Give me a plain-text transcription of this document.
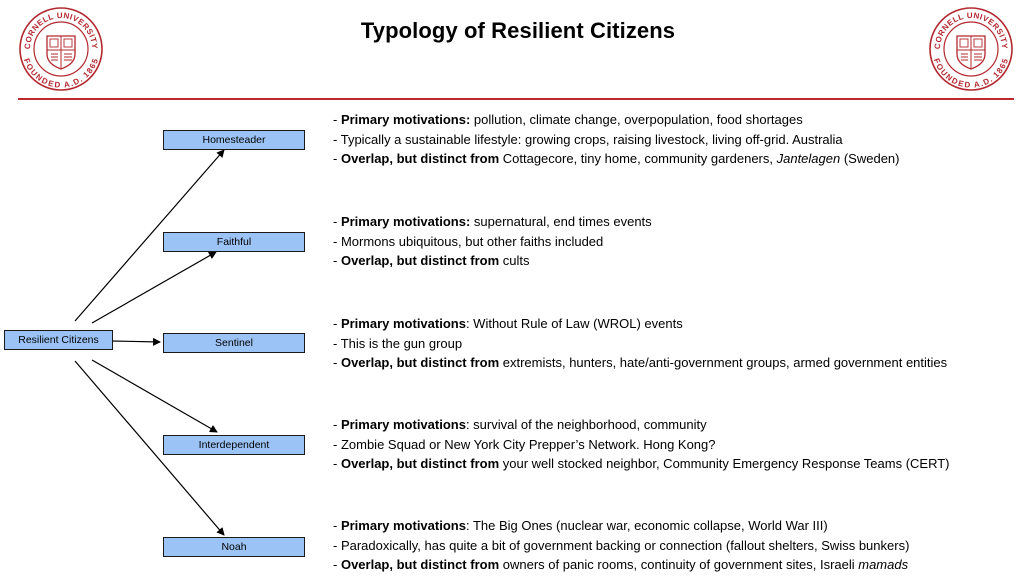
Typology of Resilient Citizens
CORNELL UNIVERSITY
FOUNDED A.D. 1865
CORNELL UNIVERSITY
FOUNDED A.D. 1865
Resilient Citizens
Homesteader
Faithful
Sentinel
Interdependent
Noah
- Primary motivations: pollution, climate change, overpopulation, food shortages
- Typically a sustainable lifestyle: growing crops, raising livestock, living off-grid. Australia
- Overlap, but distinct from Cottagecore, tiny home, community gardeners, Jantelagen (Sweden)
- Primary motivations: supernatural, end times events
- Mormons ubiquitous, but other faiths included
- Overlap, but distinct from cults
- Primary motivations: Without Rule of Law (WROL) events
- This is the gun group
- Overlap, but distinct from extremists, hunters, hate/anti-government groups, armed government entities
- Primary motivations: survival of the neighborhood, community
- Zombie Squad or New York City Prepper’s Network. Hong Kong?
- Overlap, but distinct from your well stocked neighbor, Community Emergency Response Teams (CERT)
- Primary motivations: The Big Ones (nuclear war, economic collapse, World War III)
- Paradoxically, has quite a bit of government backing or connection (fallout shelters, Swiss bunkers)
- Overlap, but distinct from owners of panic rooms, continuity of government sites, Israeli mamads
